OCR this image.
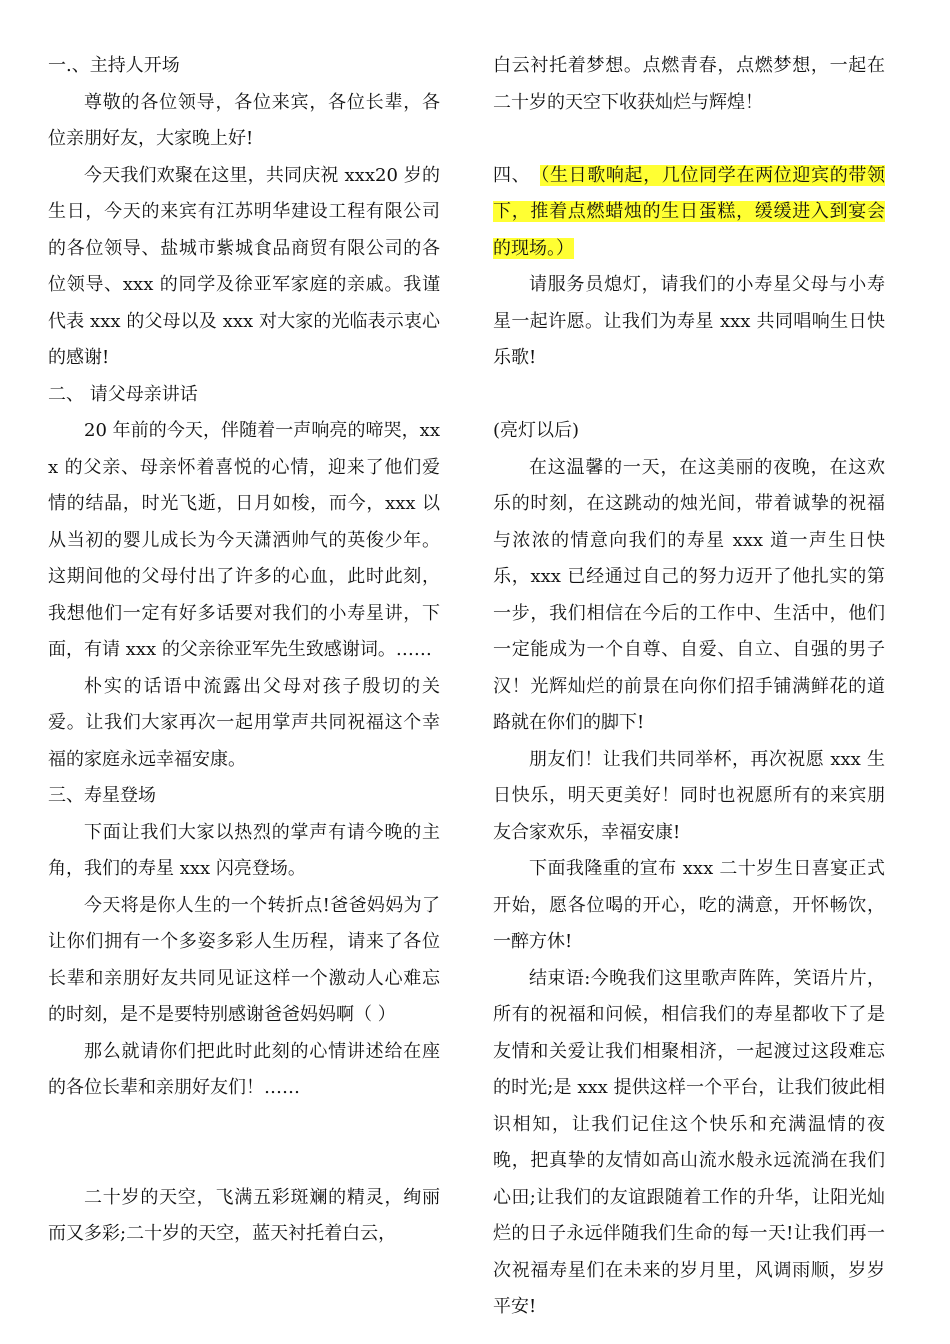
一.、主持人开场

尊敬的各位领导，各位来宾，各位长辈，各位亲朋好友，大家晚上好!

今天我们欢聚在这里，共同庆祝 xxx20 岁的生日，今天的来宾有江苏明华建设工程有限公司的各位领导、盐城市紫城食品商贸有限公司的各位领导、xxx 的同学及徐亚军家庭的亲戚。我谨代表 xxx 的父母以及 xxx 对大家的光临表示衷心的感谢!

二、 请父母亲讲话

20 年前的今天，伴随着一声响亮的啼哭，xxx 的父亲、母亲怀着喜悦的心情，迎来了他们爱情的结晶，时光飞逝，日月如梭，而今，xxx 以从当初的婴儿成长为今天潇洒帅气的英俊少年。这期间他的父母付出了许多的心血，此时此刻，我想他们一定有好多话要对我们的小寿星讲，下面，有请 xxx 的父亲徐亚军先生致感谢词。……

朴实的话语中流露出父母对孩子殷切的关爱。让我们大家再次一起用掌声共同祝福这个幸福的家庭永远幸福安康。

三、寿星登场

下面让我们大家以热烈的掌声有请今晚的主角，我们的寿星 xxx 闪亮登场。

今天将是你人生的一个转折点!爸爸妈妈为了让你们拥有一个多姿多彩人生历程，请来了各位长辈和亲朋好友共同见证这样一个激动人心难忘的时刻，是不是要特别感谢爸爸妈妈啊（ ）

那么就请你们把此时此刻的心情讲述给在座的各位长辈和亲朋好友们！……

二十岁的天空，飞满五彩斑斓的精灵，绚丽而又多彩;二十岁的天空，蓝天衬托着白云，

白云衬托着梦想。点燃青春，点燃梦想，一起在二十岁的天空下收获灿烂与辉煌！

四、 （生日歌响起，几位同学在两位迎宾的带领下，推着点燃蜡烛的生日蛋糕，缓缓进入到宴会的现场。）

请服务员熄灯，请我们的小寿星父母与小寿星一起许愿。让我们为寿星 xxx 共同唱响生日快乐歌!

(亮灯以后)

在这温馨的一天，在这美丽的夜晚，在这欢乐的时刻，在这跳动的烛光间，带着诚挚的祝福与浓浓的情意向我们的寿星 xxx 道一声生日快乐，xxx 已经通过自己的努力迈开了他扎实的第一步，我们相信在今后的工作中、生活中，他们一定能成为一个自尊、自爱、自立、自强的男子汉！光辉灿烂的前景在向你们招手铺满鲜花的道路就在你们的脚下!

朋友们！让我们共同举杯，再次祝愿 xxx 生日快乐，明天更美好！同时也祝愿所有的来宾朋友合家欢乐，幸福安康!

下面我隆重的宣布 xxx 二十岁生日喜宴正式开始，愿各位喝的开心，吃的满意，开怀畅饮，一醉方休!

结束语:今晚我们这里歌声阵阵，笑语片片，所有的祝福和问候，相信我们的寿星都收下了是友情和关爱让我们相聚相济，一起渡过这段难忘的时光;是 xxx 提供这样一个平台，让我们彼此相识相知，让我们记住这个快乐和充满温情的夜晚，把真挚的友情如高山流水般永远流淌在我们心田;让我们的友谊跟随着工作的升华，让阳光灿烂的日子永远伴随我们生命的每一天!让我们再一次祝福寿星们在未来的岁月里，风调雨顺，岁岁平安!
